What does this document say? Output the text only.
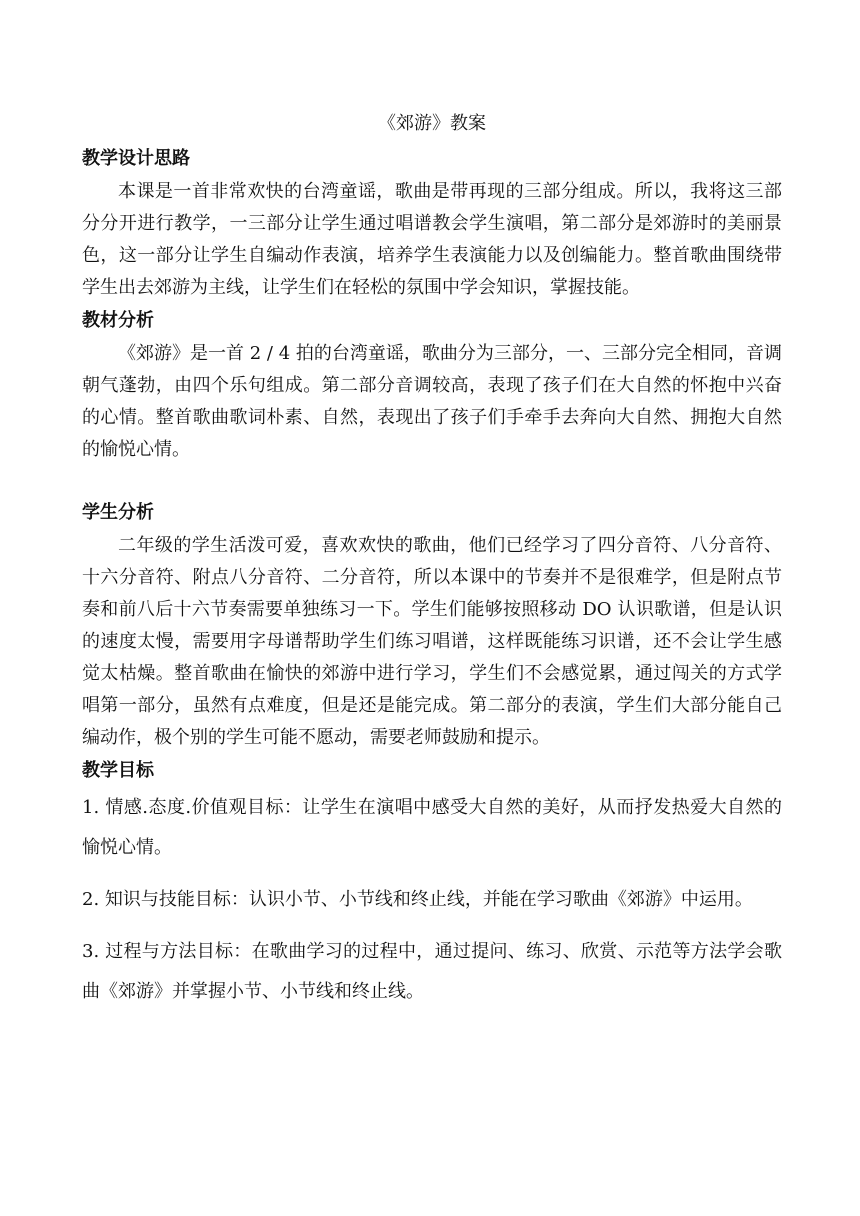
《郊游》教案

教学设计思路

本课是一首非常欢快的台湾童谣，歌曲是带再现的三部分组成。所以，我将这三部分分开进行教学，一三部分让学生通过唱谱教会学生演唱，第二部分是郊游时的美丽景色，这一部分让学生自编动作表演，培养学生表演能力以及创编能力。整首歌曲围绕带学生出去郊游为主线，让学生们在轻松的氛围中学会知识，掌握技能。

教材分析

《郊游》是一首 2 / 4 拍的台湾童谣，歌曲分为三部分，一、三部分完全相同，音调朝气蓬勃，由四个乐句组成。第二部分音调较高，表现了孩子们在大自然的怀抱中兴奋的心情。整首歌曲歌词朴素、自然，表现出了孩子们手牵手去奔向大自然、拥抱大自然的愉悦心情。

学生分析

二年级的学生活泼可爱，喜欢欢快的歌曲，他们已经学习了四分音符、八分音符、十六分音符、附点八分音符、二分音符，所以本课中的节奏并不是很难学，但是附点节奏和前八后十六节奏需要单独练习一下。学生们能够按照移动 DO 认识歌谱，但是认识的速度太慢，需要用字母谱帮助学生们练习唱谱，这样既能练习识谱，还不会让学生感觉太枯燥。整首歌曲在愉快的郊游中进行学习，学生们不会感觉累，通过闯关的方式学唱第一部分，虽然有点难度，但是还是能完成。第二部分的表演，学生们大部分能自己编动作，极个别的学生可能不愿动，需要老师鼓励和提示。

教学目标

1. 情感.态度.价值观目标：让学生在演唱中感受大自然的美好，从而抒发热爱大自然的愉悦心情。

2. 知识与技能目标：认识小节、小节线和终止线，并能在学习歌曲《郊游》中运用。

3. 过程与方法目标：在歌曲学习的过程中，通过提问、练习、欣赏、示范等方法学会歌曲《郊游》并掌握小节、小节线和终止线。
